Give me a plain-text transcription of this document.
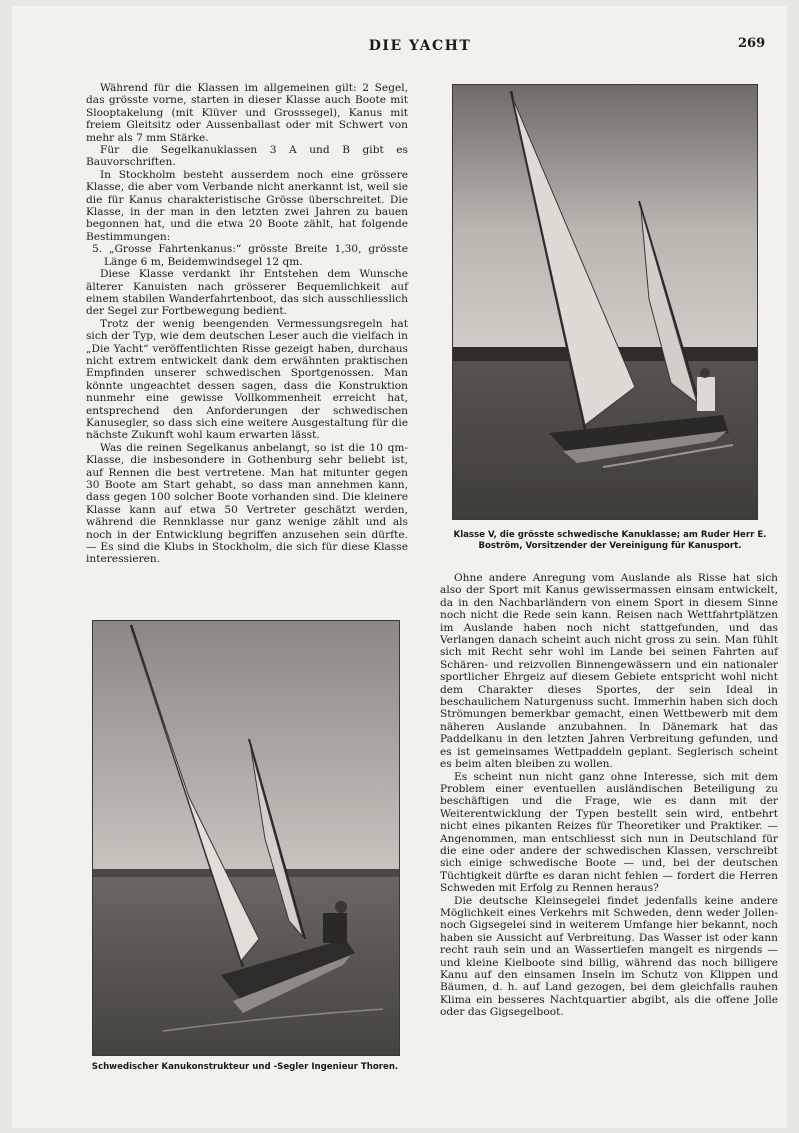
DIE YACHT	269

Während für die Klassen im allgemeinen gilt: 2 Segel, das grösste vorne, starten in dieser Klasse auch Boote mit Slooptakelung (mit Klüver und Grosssegel), Kanus mit freiem Gleitsitz oder Aussenballast oder mit Schwert von mehr als 7 mm Stärke.

Für die Segelkanuklassen 3 A und B gibt es Bauvorschriften.

In Stockholm besteht ausserdem noch eine grössere Klasse, die aber vom Verbande nicht anerkannt ist, weil sie die für Kanus charakteristische Grösse überschreitet. Die Klasse, in der man in den letzten zwei Jahren zu bauen begonnen hat, und die etwa 20 Boote zählt, hat folgende Bestimmungen:

5. „Grosse Fahrtenkanus:“ grösste Breite 1,30, grösste Länge 6 m, Beidemwindsegel 12 qm.

Diese Klasse verdankt ihr Entstehen dem Wunsche älterer Kanuisten nach grösserer Bequemlichkeit auf einem stabilen Wanderfahrtenboot, das sich ausschliesslich der Segel zur Fortbewegung bedient.

Trotz der wenig beengenden Vermessungsregeln hat sich der Typ, wie dem deutschen Leser auch die vielfach in „Die Yacht“ veröffentlichten Risse gezeigt haben, durchaus nicht extrem entwickelt dank dem erwähnten praktischen Empfinden unserer schwedischen Sportgenossen. Man könnte ungeachtet dessen sagen, dass die Konstruktion nunmehr eine gewisse Vollkommenheit erreicht hat, entsprechend den Anforderungen der schwedischen Kanusegler, so dass sich eine weitere Ausgestaltung für die nächste Zukunft wohl kaum erwarten lässt.

Was die reinen Segelkanus anbelangt, so ist die 10 qm-Klasse, die insbesondere in Gothenburg sehr beliebt ist, auf Rennen die best vertretene. Man hat mitunter gegen 30 Boote am Start gehabt, so dass man annehmen kann, dass gegen 100 solcher Boote vorhanden sind. Die kleinere Klasse kann auf etwa 50 Vertreter geschätzt werden, während die Rennklasse nur ganz wenige zählt und als noch in der Entwicklung begriffen anzusehen sein dürfte. — Es sind die Klubs in Stockholm, die sich für diese Klasse interessieren.

Klasse V, die grösste schwedische Kanuklasse; am Ruder Herr E. Boström, Vorsitzender der Vereinigung für Kanusport.
Schwedischer Kanukonstrukteur und -Segler Ingenieur Thoren.

Ohne andere Anregung vom Auslande als Risse hat sich also der Sport mit Kanus gewissermassen einsam entwickelt, da in den Nachbarländern von einem Sport in diesem Sinne noch nicht die Rede sein kann. Reisen nach Wettfahrtplätzen im Auslande haben noch nicht stattgefunden, und das Verlangen danach scheint auch nicht gross zu sein. Man fühlt sich mit Recht sehr wohl im Lande bei seinen Fahrten auf Schären- und reizvollen Binnengewässern und ein nationaler sportlicher Ehrgeiz auf diesem Gebiete entspricht wohl nicht dem Charakter dieses Sportes, der sein Ideal in beschaulichem Naturgenuss sucht. Immerhin haben sich doch Strömungen bemerkbar gemacht, einen Wettbewerb mit dem näheren Auslande anzubahnen. In Dänemark hat das Paddelkanu in den letzten Jahren Verbreitung gefunden, und es ist gemeinsames Wettpaddeln geplant. Seglerisch scheint es beim alten bleiben zu wollen.

Es scheint nun nicht ganz ohne Interesse, sich mit dem Problem einer eventuellen ausländischen Beteiligung zu beschäftigen und die Frage, wie es dann mit der Weiterentwicklung der Typen bestellt sein wird, entbehrt nicht eines pikanten Reizes für Theoretiker und Praktiker. — Angenommen, man entschliesst sich nun in Deutschland für die eine oder andere der schwedischen Klassen, verschreibt sich einige schwedische Boote — und, bei der deutschen Tüchtigkeit dürfte es daran nicht fehlen — fordert die Herren Schweden mit Erfolg zu Rennen heraus?

Die deutsche Kleinsegelei findet jedenfalls keine andere Möglichkeit eines Verkehrs mit Schweden, denn weder Jollen- noch Gigsegelei sind in weiterem Umfange hier bekannt, noch haben sie Aussicht auf Verbreitung. Das Wasser ist oder kann recht rauh sein und an Wassertiefen mangelt es nirgends — und kleine Kielboote sind billig, während das noch billigere Kanu auf den einsamen Inseln im Schutz von Klippen und Bäumen, d. h. auf Land gezogen, bei dem gleichfalls rauhen Klima ein besseres Nachtquartier abgibt, als die offene Jolle oder das Gigsegelboot.
